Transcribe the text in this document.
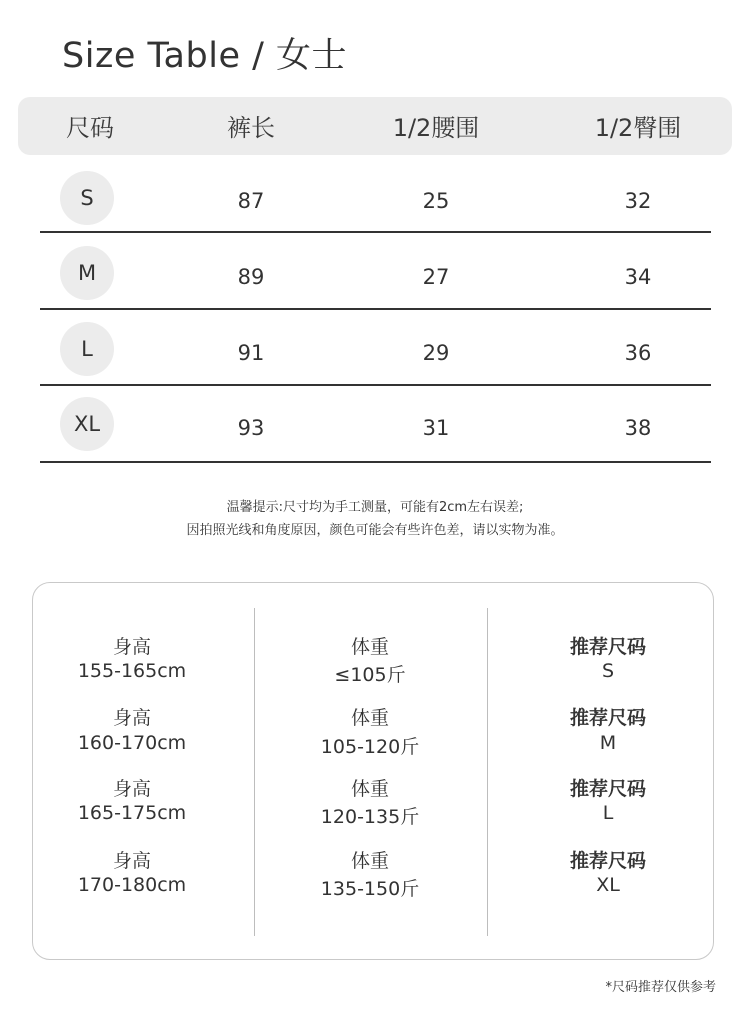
Size Table / 女士
尺码	裤长	1/2腰围	1/2臀围
S	87	25	32
M	89	27	34
L	91	29	36
XL	93	31	38
温馨提示:尺寸均为手工测量，可能有2cm左右误差;
因拍照光线和角度原因，颜色可能会有些许色差，请以实物为准。
身高
155-165cm
体重
≤105斤
推荐尺码
S
身高
160-170cm
体重
105-120斤
推荐尺码
M
身高
165-175cm
体重
120-135斤
推荐尺码
L
身高
170-180cm
体重
135-150斤
推荐尺码
XL
*尺码推荐仅供参考
